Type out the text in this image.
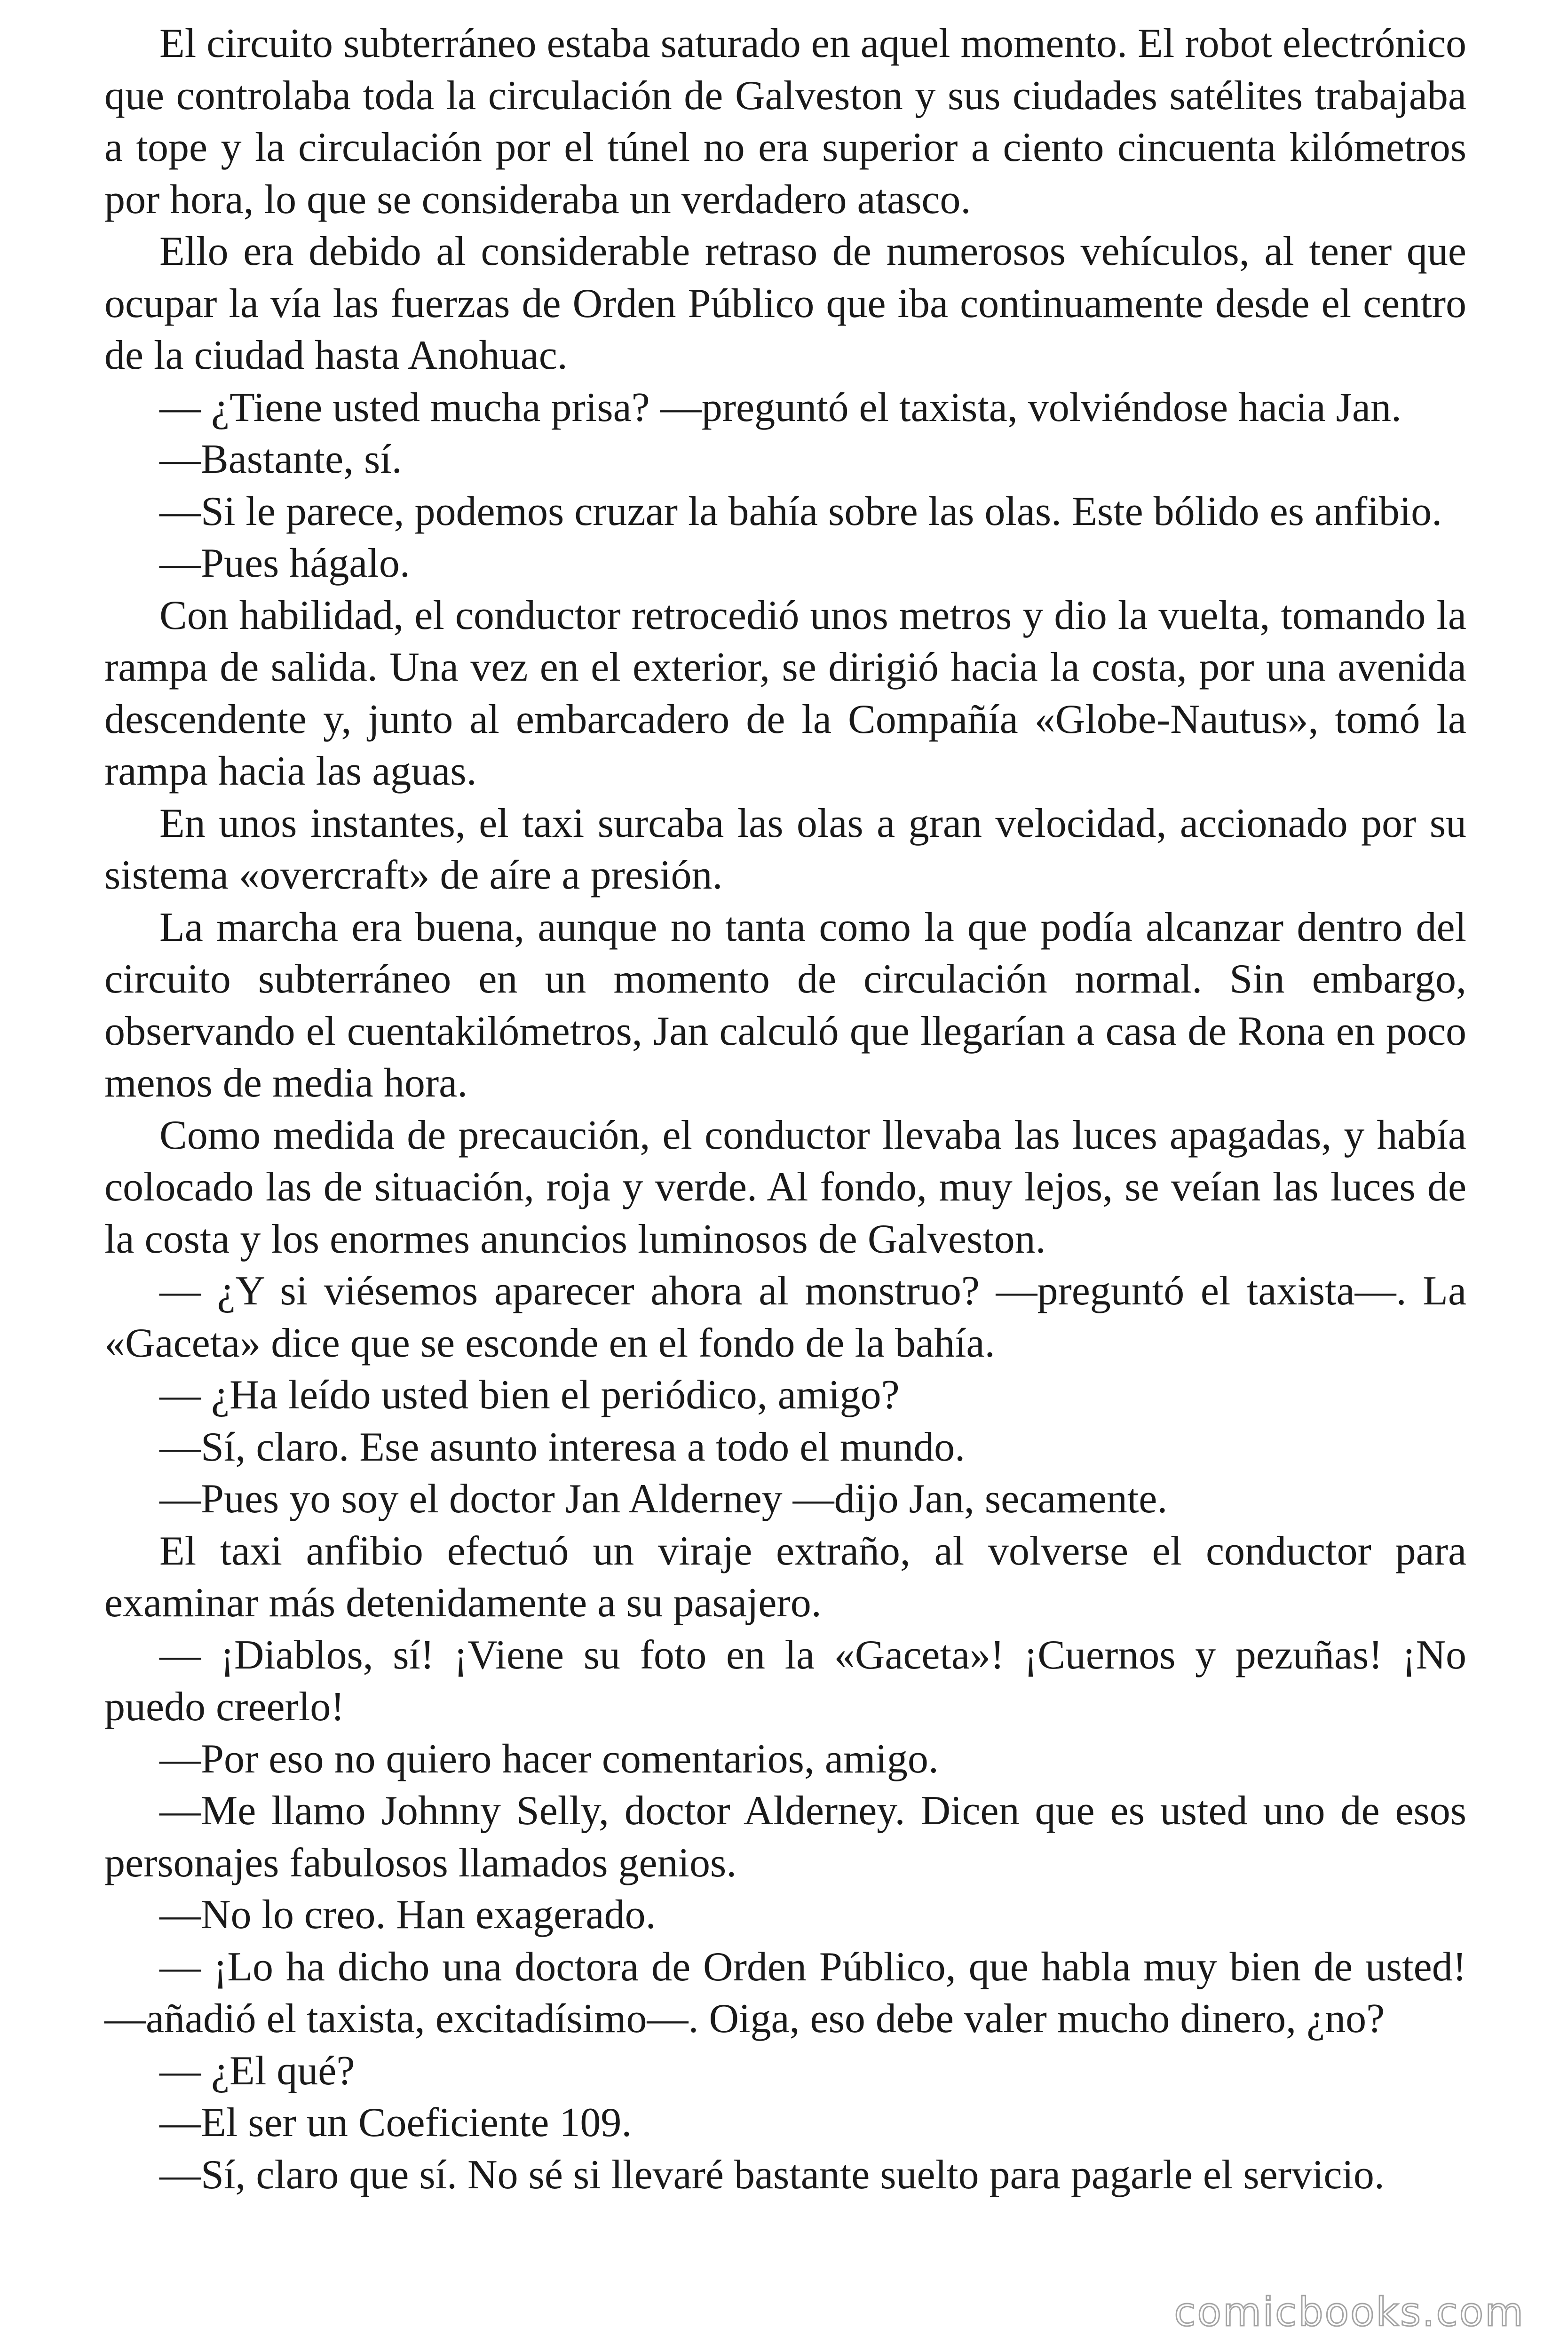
El circuito subterráneo estaba saturado en aquel momento. El robot electrónico que controlaba toda la circulación de Galveston y sus ciudades satélites trabajaba a tope y la circulación por el túnel no era superior a ciento cincuenta kilómetros por hora, lo que se consideraba un verdadero atasco.

Ello era debido al considerable retraso de numerosos vehículos, al tener que ocupar la vía las fuerzas de Orden Público que iba continuamente desde el centro de la ciudad hasta Anohuac.

— ¿Tiene usted mucha prisa? —preguntó el taxista, volviéndose hacia Jan.

—Bastante, sí.

—Si le parece, podemos cruzar la bahía sobre las olas. Este bólido es anfibio.

—Pues hágalo.

Con habilidad, el conductor retrocedió unos metros y dio la vuelta, tomando la rampa de salida. Una vez en el exterior, se dirigió hacia la costa, por una avenida descendente y, junto al embarcadero de la Compañía «Globe-Nautus», tomó la rampa hacia las aguas.

En unos instantes, el taxi surcaba las olas a gran velocidad, accionado por su sistema «overcraft» de aíre a presión.

La marcha era buena, aunque no tanta como la que podía alcanzar dentro del circuito subterráneo en un momento de circulación normal. Sin embargo, observando el cuentakilómetros, Jan calculó que llegarían a casa de Rona en poco menos de media hora.

Como medida de precaución, el conductor llevaba las luces apagadas, y había colocado las de situación, roja y verde. Al fondo, muy lejos, se veían las luces de la costa y los enormes anuncios luminosos de Galveston.

— ¿Y si viésemos aparecer ahora al monstruo? —preguntó el taxista—. La «Gaceta» dice que se esconde en el fondo de la bahía.

— ¿Ha leído usted bien el periódico, amigo?

—Sí, claro. Ese asunto interesa a todo el mundo.

—Pues yo soy el doctor Jan Alderney —dijo Jan, secamente.

El taxi anfibio efectuó un viraje extraño, al volverse el conductor para examinar más detenidamente a su pasajero.

— ¡Diablos, sí! ¡Viene su foto en la «Gaceta»! ¡Cuernos y pezuñas! ¡No puedo creerlo!

—Por eso no quiero hacer comentarios, amigo.

—Me llamo Johnny Selly, doctor Alderney. Dicen que es usted uno de esos personajes fabulosos llamados genios.

—No lo creo. Han exagerado.

— ¡Lo ha dicho una doctora de Orden Público, que habla muy bien de usted! —añadió el taxista, excitadísimo—. Oiga, eso debe valer mucho dinero, ¿no?

— ¿El qué?

—El ser un Coeficiente 109.

—Sí, claro que sí. No sé si llevaré bastante suelto para pagarle el servicio.

comicbooks.com
